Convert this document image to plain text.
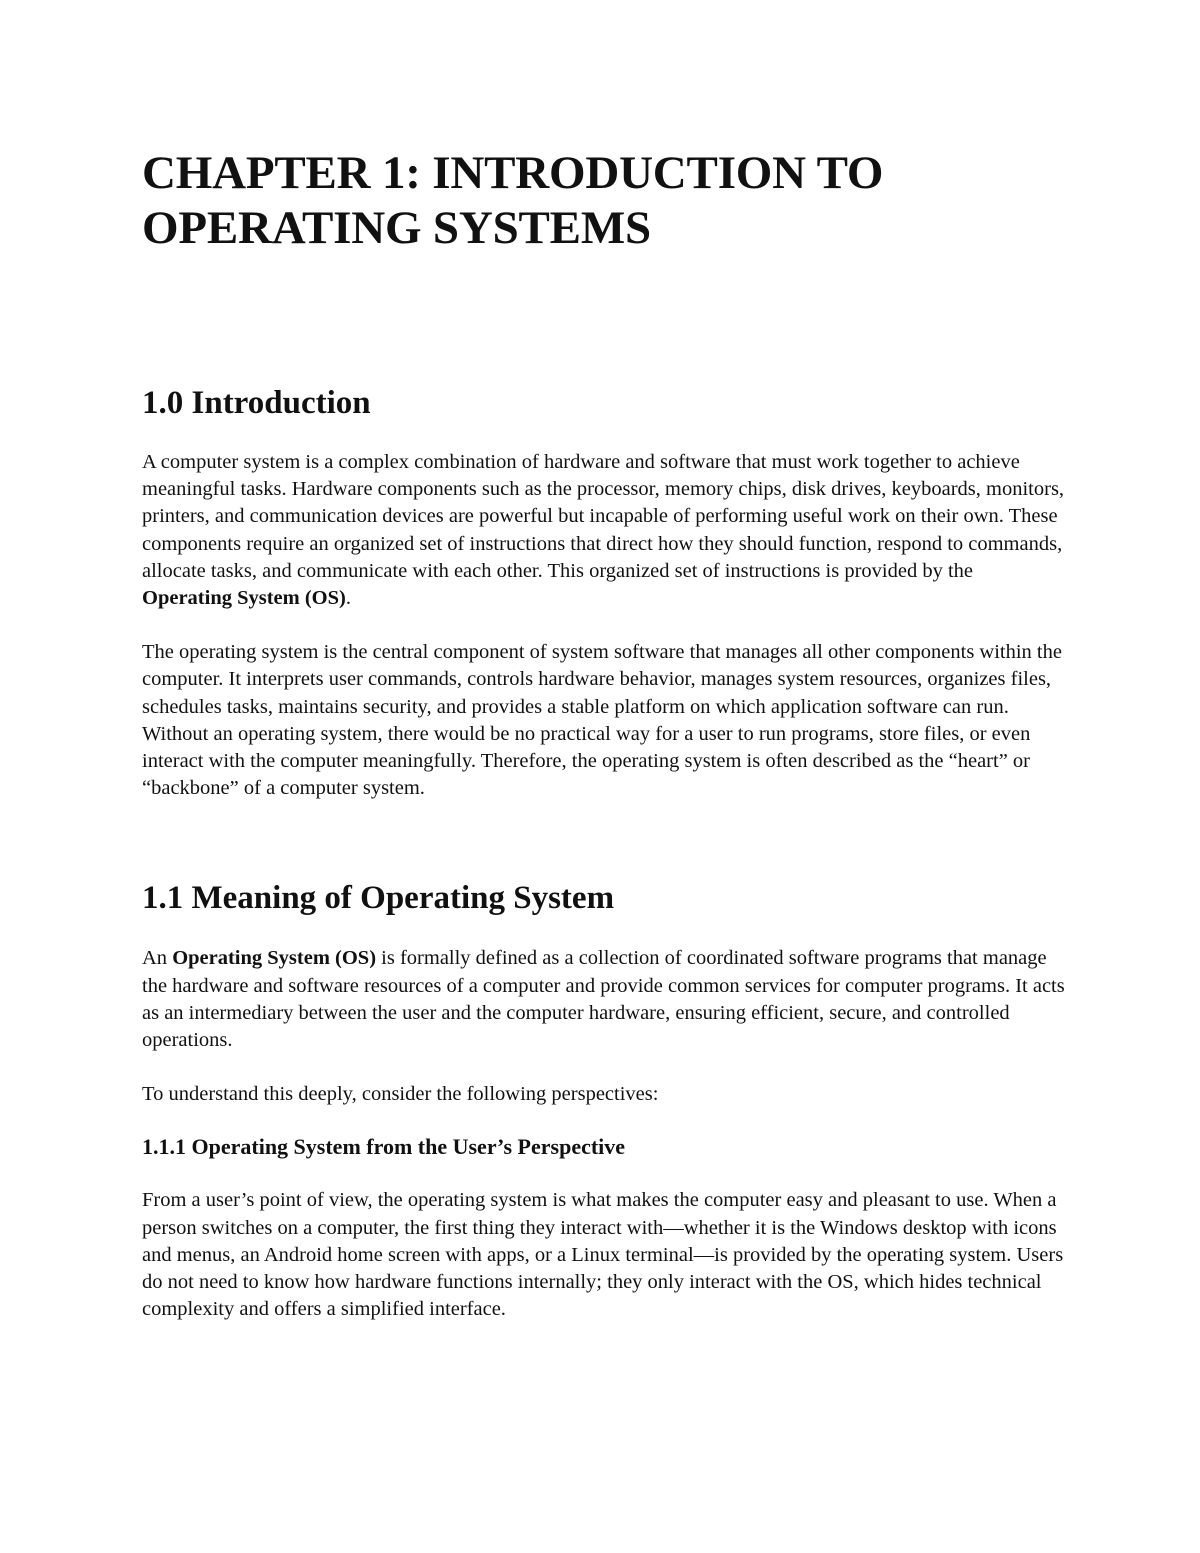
CHAPTER 1: INTRODUCTION TO
OPERATING SYSTEMS
1.0 Introduction

A computer system is a complex combination of hardware and software that must work together to achieve meaningful tasks. Hardware components such as the processor, memory chips, disk drives, keyboards, monitors, printers, and communication devices are powerful but incapable of performing useful work on their own. These components require an organized set of instructions that direct how they should function, respond to commands, allocate tasks, and communicate with each other. This organized set of instructions is provided by the Operating System (OS).

The operating system is the central component of system software that manages all other components within the computer. It interprets user commands, controls hardware behavior, manages system resources, organizes files, schedules tasks, maintains security, and provides a stable platform on which application software can run. Without an operating system, there would be no practical way for a user to run programs, store files, or even interact with the computer meaningfully. Therefore, the operating system is often described as the “heart” or “backbone” of a computer system.

1.1 Meaning of Operating System

An Operating System (OS) is formally defined as a collection of coordinated software programs that manage the hardware and software resources of a computer and provide common services for computer programs. It acts as an intermediary between the user and the computer hardware, ensuring efficient, secure, and controlled operations.

To understand this deeply, consider the following perspectives:

1.1.1 Operating System from the User’s Perspective

From a user’s point of view, the operating system is what makes the computer easy and pleasant to use. When a person switches on a computer, the first thing they interact with—whether it is the Windows desktop with icons and menus, an Android home screen with apps, or a Linux terminal—is provided by the operating system. Users do not need to know how hardware functions internally; they only interact with the OS, which hides technical complexity and offers a simplified interface.
